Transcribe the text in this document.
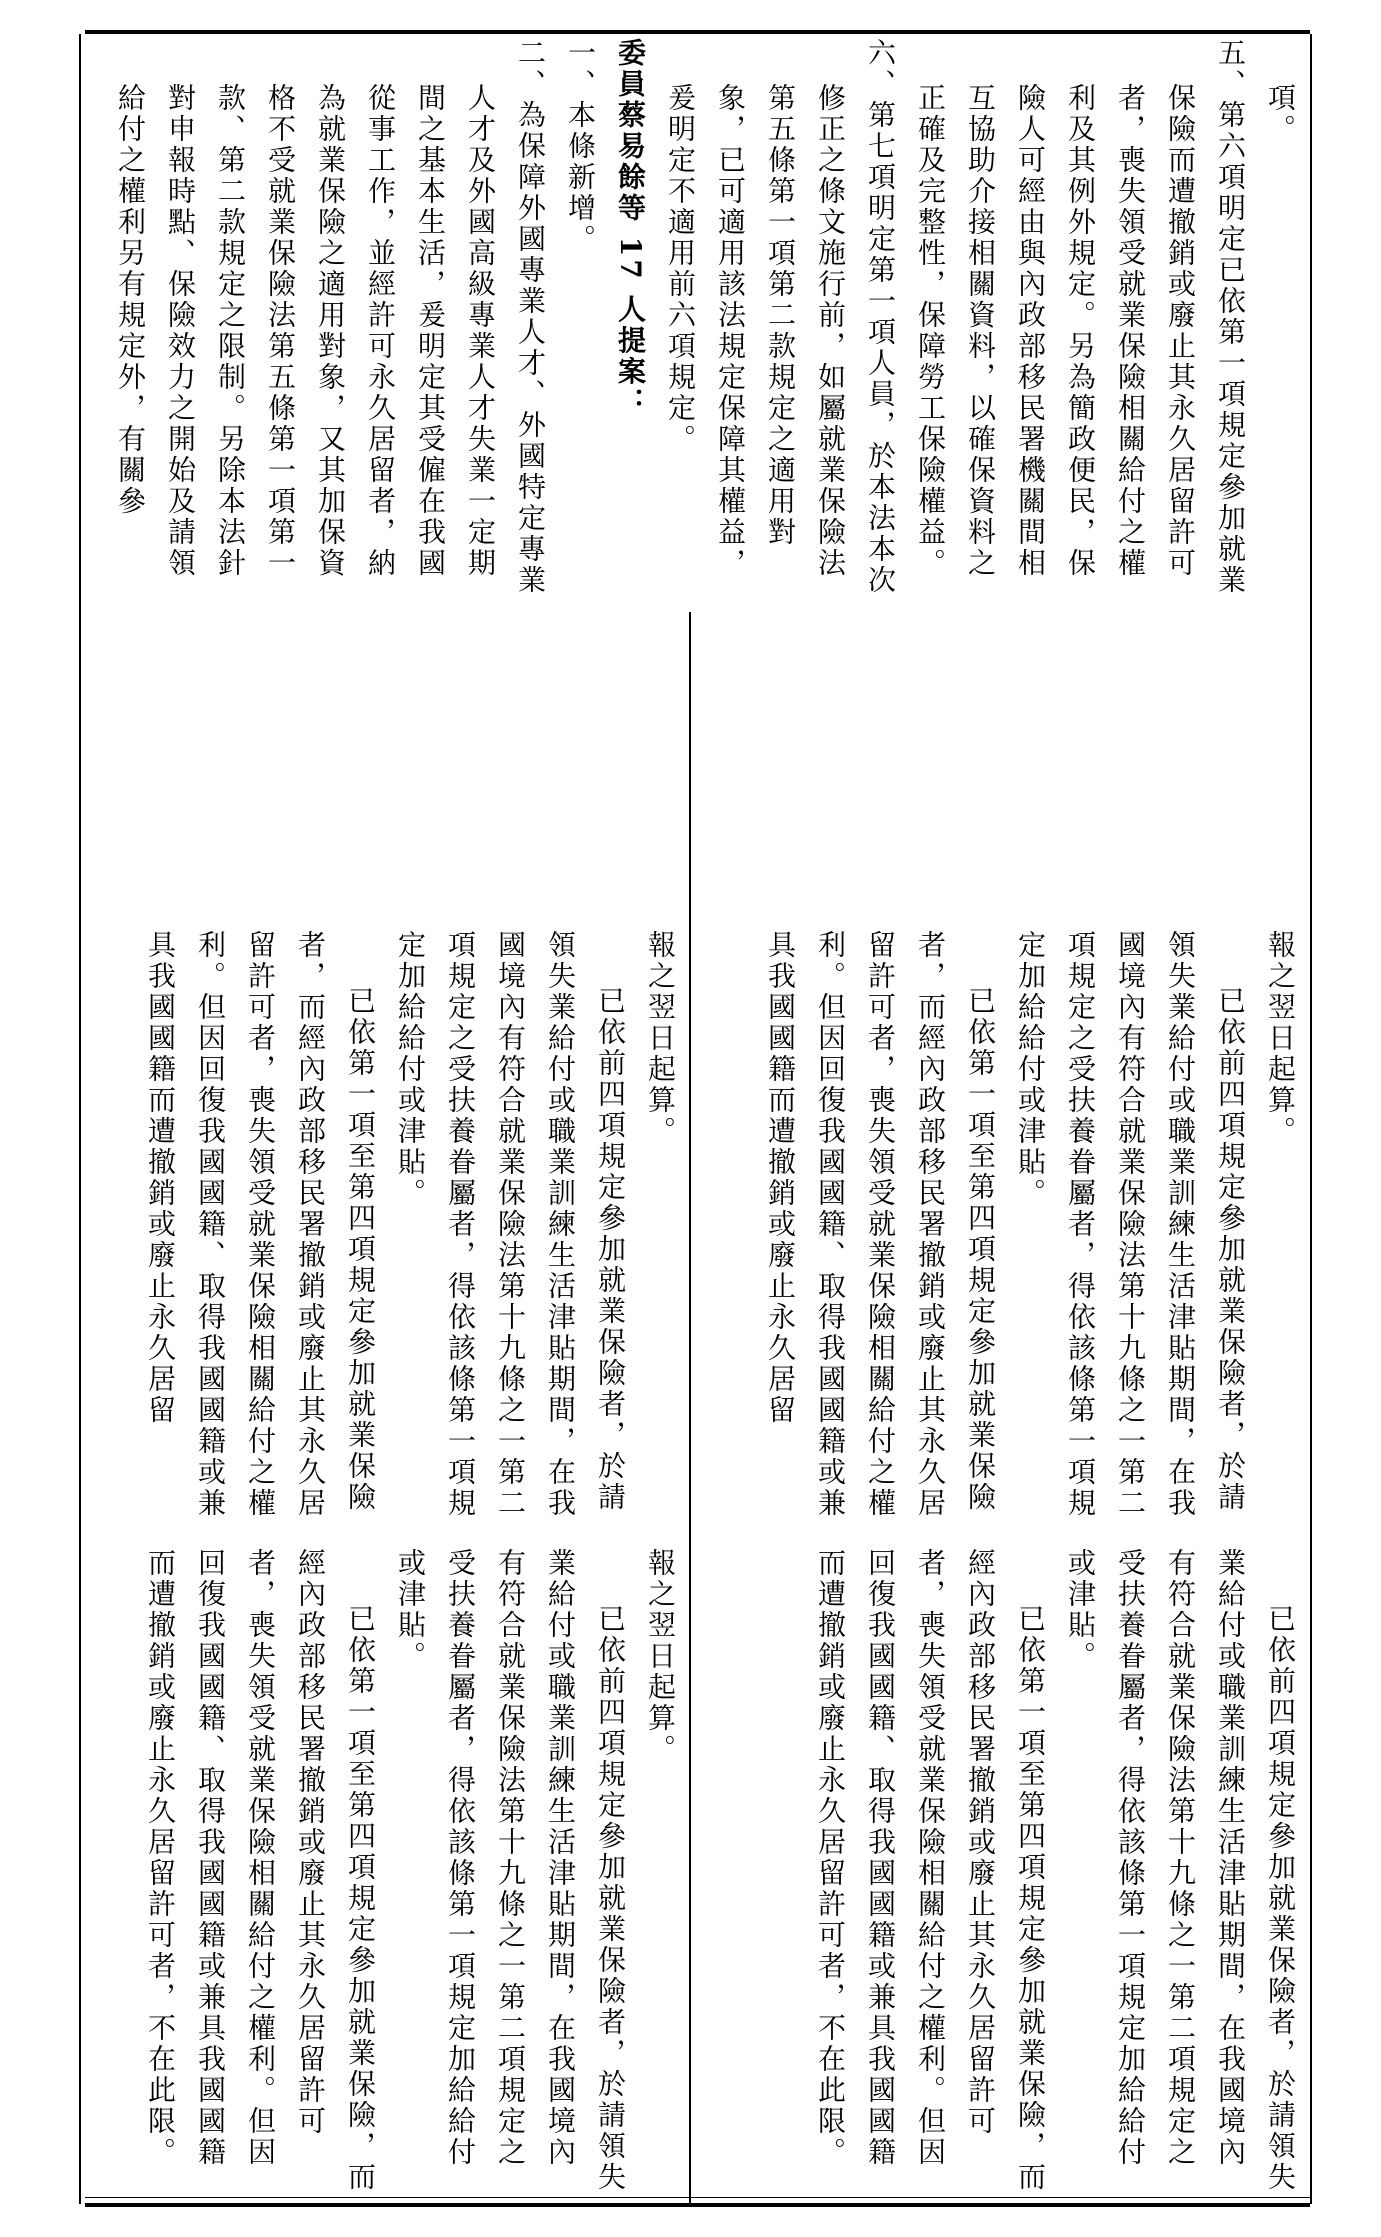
報之翌日起算。

已依前四項規定參加就業保險者，於請領失業給付或職業訓練生活津貼期間，在我國境內有符合就業保險法第十九條之一第二項規定之受扶養眷屬者，得依該條第一項規定加給給付或津貼。

已依第一項至第四項規定參加就業保險，而經內政部移民署撤銷或廢止其永久居留許可者，喪失領受就業保險相關給付之權利。但因回復我國國籍、取得我國國籍或兼具我國國籍而遭撤銷或廢止永久居留許可者，不在此限。	已依前四項規定參加就業保險者，於請領失業給付或職業訓練生活津貼期間，在我國境內有符合就業保險法第十九條之一第二項規定之受扶養眷屬者，得依該條第一項規定加給給付或津貼。

已依第一項至第四項規定參加就業保險，而經內政部移民署撤銷或廢止其永久居留許可者，喪失領受就業保險相關給付之權利。但因回復我國國籍、取得我國國籍或兼具我國國籍而遭撤銷或廢止永久居留許可者，不在此限。

報之翌日起算。

已依前四項規定參加就業保險者，於請領失業給付或職業訓練生活津貼期間，在我國境內有符合就業保險法第十九條之一第二項規定之受扶養眷屬者，得依該條第一項規定加給給付或津貼。

已依第一項至第四項規定參加就業保險者，而經內政部移民署撤銷或廢止其永久居留許可者，喪失領受就業保險相關給付之權利。但因回復我國國籍、取得我國國籍或兼具我國國籍而遭撤銷或廢止永久居留	報之翌日起算。

已依前四項規定參加就業保險者，於請領失業給付或職業訓練生活津貼期間，在我國境內有符合就業保險法第十九條之一第二項規定之受扶養眷屬者，得依該條第一項規定加給給付或津貼。

已依第一項至第四項規定參加就業保險者，而經內政部移民署撤銷或廢止其永久居留許可者，喪失領受就業保險相關給付之權利。但因回復我國國籍、取得我國國籍或兼具我國國籍而遭撤銷或廢止永久居留

項。

五、第六項明定已依第一項規定參加就業保險而遭撤銷或廢止其永久居留許可者，喪失領受就業保險相關給付之權利及其例外規定。另為簡政便民，保險人可經由與內政部移民署機關間相互協助介接相關資料，以確保資料之正確及完整性，保障勞工保險權益。

六、第七項明定第一項人員，於本法本次修正之條文施行前，如屬就業保險法第五條第一項第二款規定之適用對象，已可適用該法規定保障其權益，爰明定不適用前六項規定。

委員蔡易餘等 17 人提案：

一、本條新增。

二、為保障外國專業人才、外國特定專業人才及外國高級專業人才失業一定期間之基本生活，爰明定其受僱在我國從事工作，並經許可永久居留者，納為就業保險之適用對象，又其加保資格不受就業保險法第五條第一項第一款、第二款規定之限制。另除本法針對申報時點、保險效力之開始及請領給付之權利另有規定外，有關參
